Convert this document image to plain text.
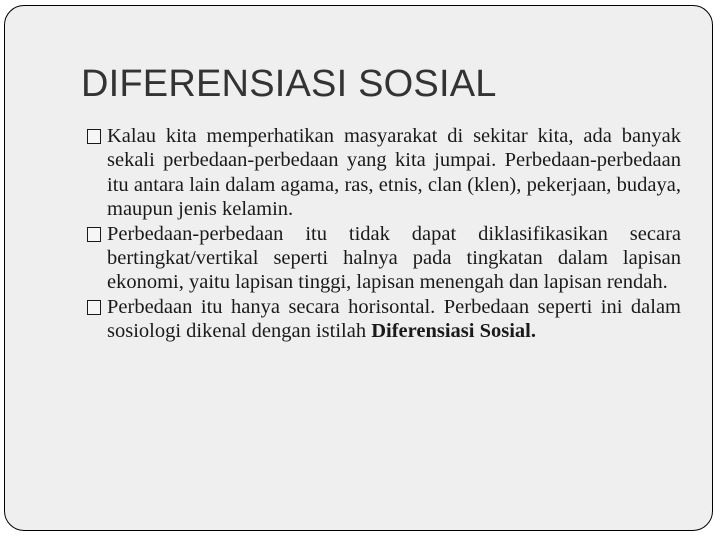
DIFERENSIASI SOSIAL
Kalau kita memperhatikan masyarakat di sekitar kita, ada banyak sekali perbedaan-perbedaan yang kita jumpai. Perbedaan-perbedaan itu antara lain dalam agama, ras, etnis, clan (klen), pekerjaan, budaya, maupun jenis kelamin.
Perbedaan-perbedaan itu tidak dapat diklasifikasikan secara bertingkat/vertikal seperti halnya pada tingkatan dalam lapisan ekonomi, yaitu lapisan tinggi, lapisan menengah dan lapisan rendah.
Perbedaan itu hanya secara horisontal. Perbedaan seperti ini dalam sosiologi dikenal dengan istilah Diferensiasi Sosial.
